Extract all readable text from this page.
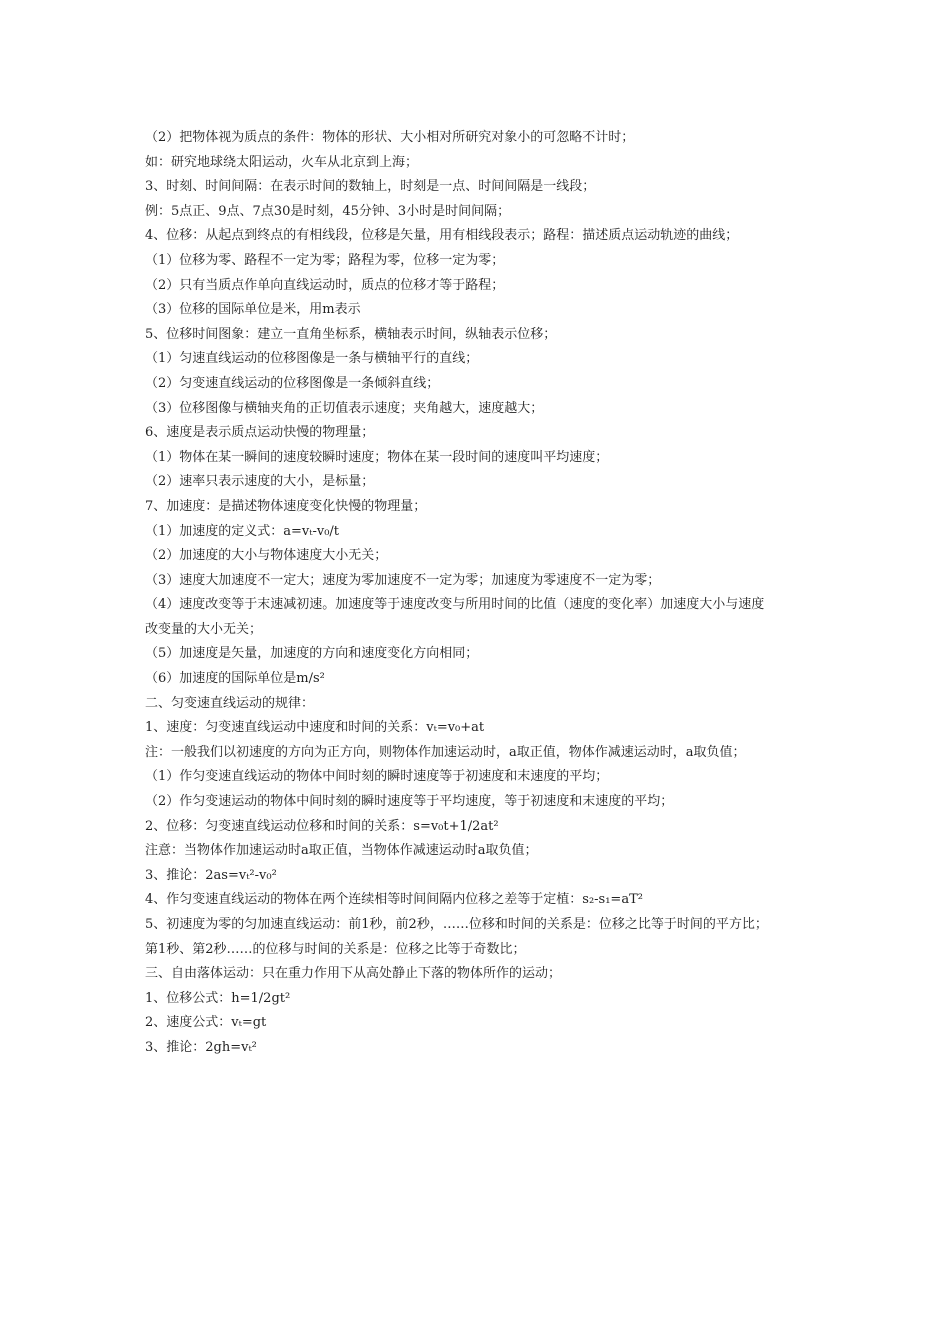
（2）把物体视为质点的条件：物体的形状、大小相对所研究对象小的可忽略不计时；
如：研究地球绕太阳运动，火车从北京到上海；
3、时刻、时间间隔：在表示时间的数轴上，时刻是一点、时间间隔是一线段；
例：5点正、9点、7点30是时刻，45分钟、3小时是时间间隔；
4、位移：从起点到终点的有相线段，位移是矢量，用有相线段表示；路程：描述质点运动轨迹的曲线；
（1）位移为零、路程不一定为零；路程为零，位移一定为零；
（2）只有当质点作单向直线运动时，质点的位移才等于路程；
（3）位移的国际单位是米，用m表示
5、位移时间图象：建立一直角坐标系，横轴表示时间，纵轴表示位移；
（1）匀速直线运动的位移图像是一条与横轴平行的直线；
（2）匀变速直线运动的位移图像是一条倾斜直线；
（3）位移图像与横轴夹角的正切值表示速度；夹角越大，速度越大；
6、速度是表示质点运动快慢的物理量；
（1）物体在某一瞬间的速度较瞬时速度；物体在某一段时间的速度叫平均速度；
（2）速率只表示速度的大小，是标量；
7、加速度：是描述物体速度变化快慢的物理量；
（1）加速度的定义式：a=vₜ-v₀/t
（2）加速度的大小与物体速度大小无关；
（3）速度大加速度不一定大；速度为零加速度不一定为零；加速度为零速度不一定为零；
（4）速度改变等于末速减初速。加速度等于速度改变与所用时间的比值（速度的变化率）加速度大小与速度
改变量的大小无关；
（5）加速度是矢量，加速度的方向和速度变化方向相同；
（6）加速度的国际单位是m/s²
二、匀变速直线运动的规律：
1、速度：匀变速直线运动中速度和时间的关系：vₜ=v₀+at
注：一般我们以初速度的方向为正方向，则物体作加速运动时，a取正值，物体作减速运动时，a取负值；
（1）作匀变速直线运动的物体中间时刻的瞬时速度等于初速度和末速度的平均；
（2）作匀变速运动的物体中间时刻的瞬时速度等于平均速度，等于初速度和末速度的平均；
2、位移：匀变速直线运动位移和时间的关系：s=v₀t+1/2at²
注意：当物体作加速运动时a取正值，当物体作减速运动时a取负值；
3、推论：2as=vₜ²-v₀²
4、作匀变速直线运动的物体在两个连续相等时间间隔内位移之差等于定植：s₂-s₁=aT²
5、初速度为零的匀加速直线运动：前1秒，前2秒，……位移和时间的关系是：位移之比等于时间的平方比；
第1秒、第2秒……的位移与时间的关系是：位移之比等于奇数比；
三、自由落体运动：只在重力作用下从高处静止下落的物体所作的运动；
1、位移公式：h=1/2gt²
2、速度公式：vₜ=gt
3、推论：2gh=vₜ²
